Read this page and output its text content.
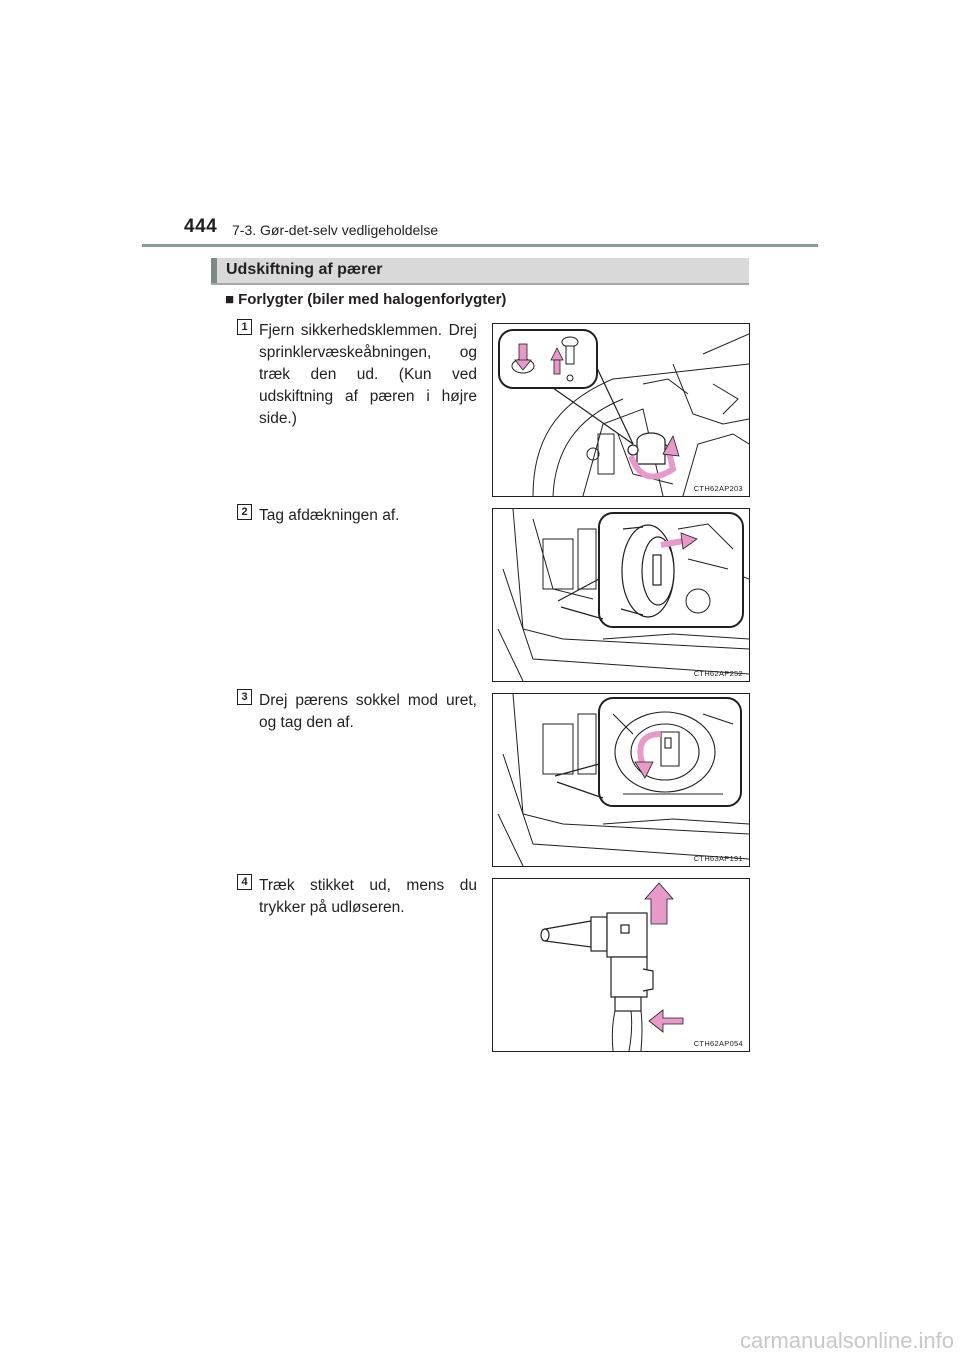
444 7-3. Gør-det-selv vedligeholdelse
Udskiftning af pærer
■ Forlygter (biler med halogenforlygter)
1 Fjern sikkerhedsklemmen. Drej sprinklervæskeåbningen, og træk den ud. (Kun ved udskiftning af pæren i højre side.)
CTH62AP203
2 Tag afdækningen af.
CTH62AP252
3 Drej pærens sokkel mod uret, og tag den af.
CTH63AP191
4 Træk stikket ud, mens du trykker på udløseren.
CTH62AP054
carmanualsonline.info
